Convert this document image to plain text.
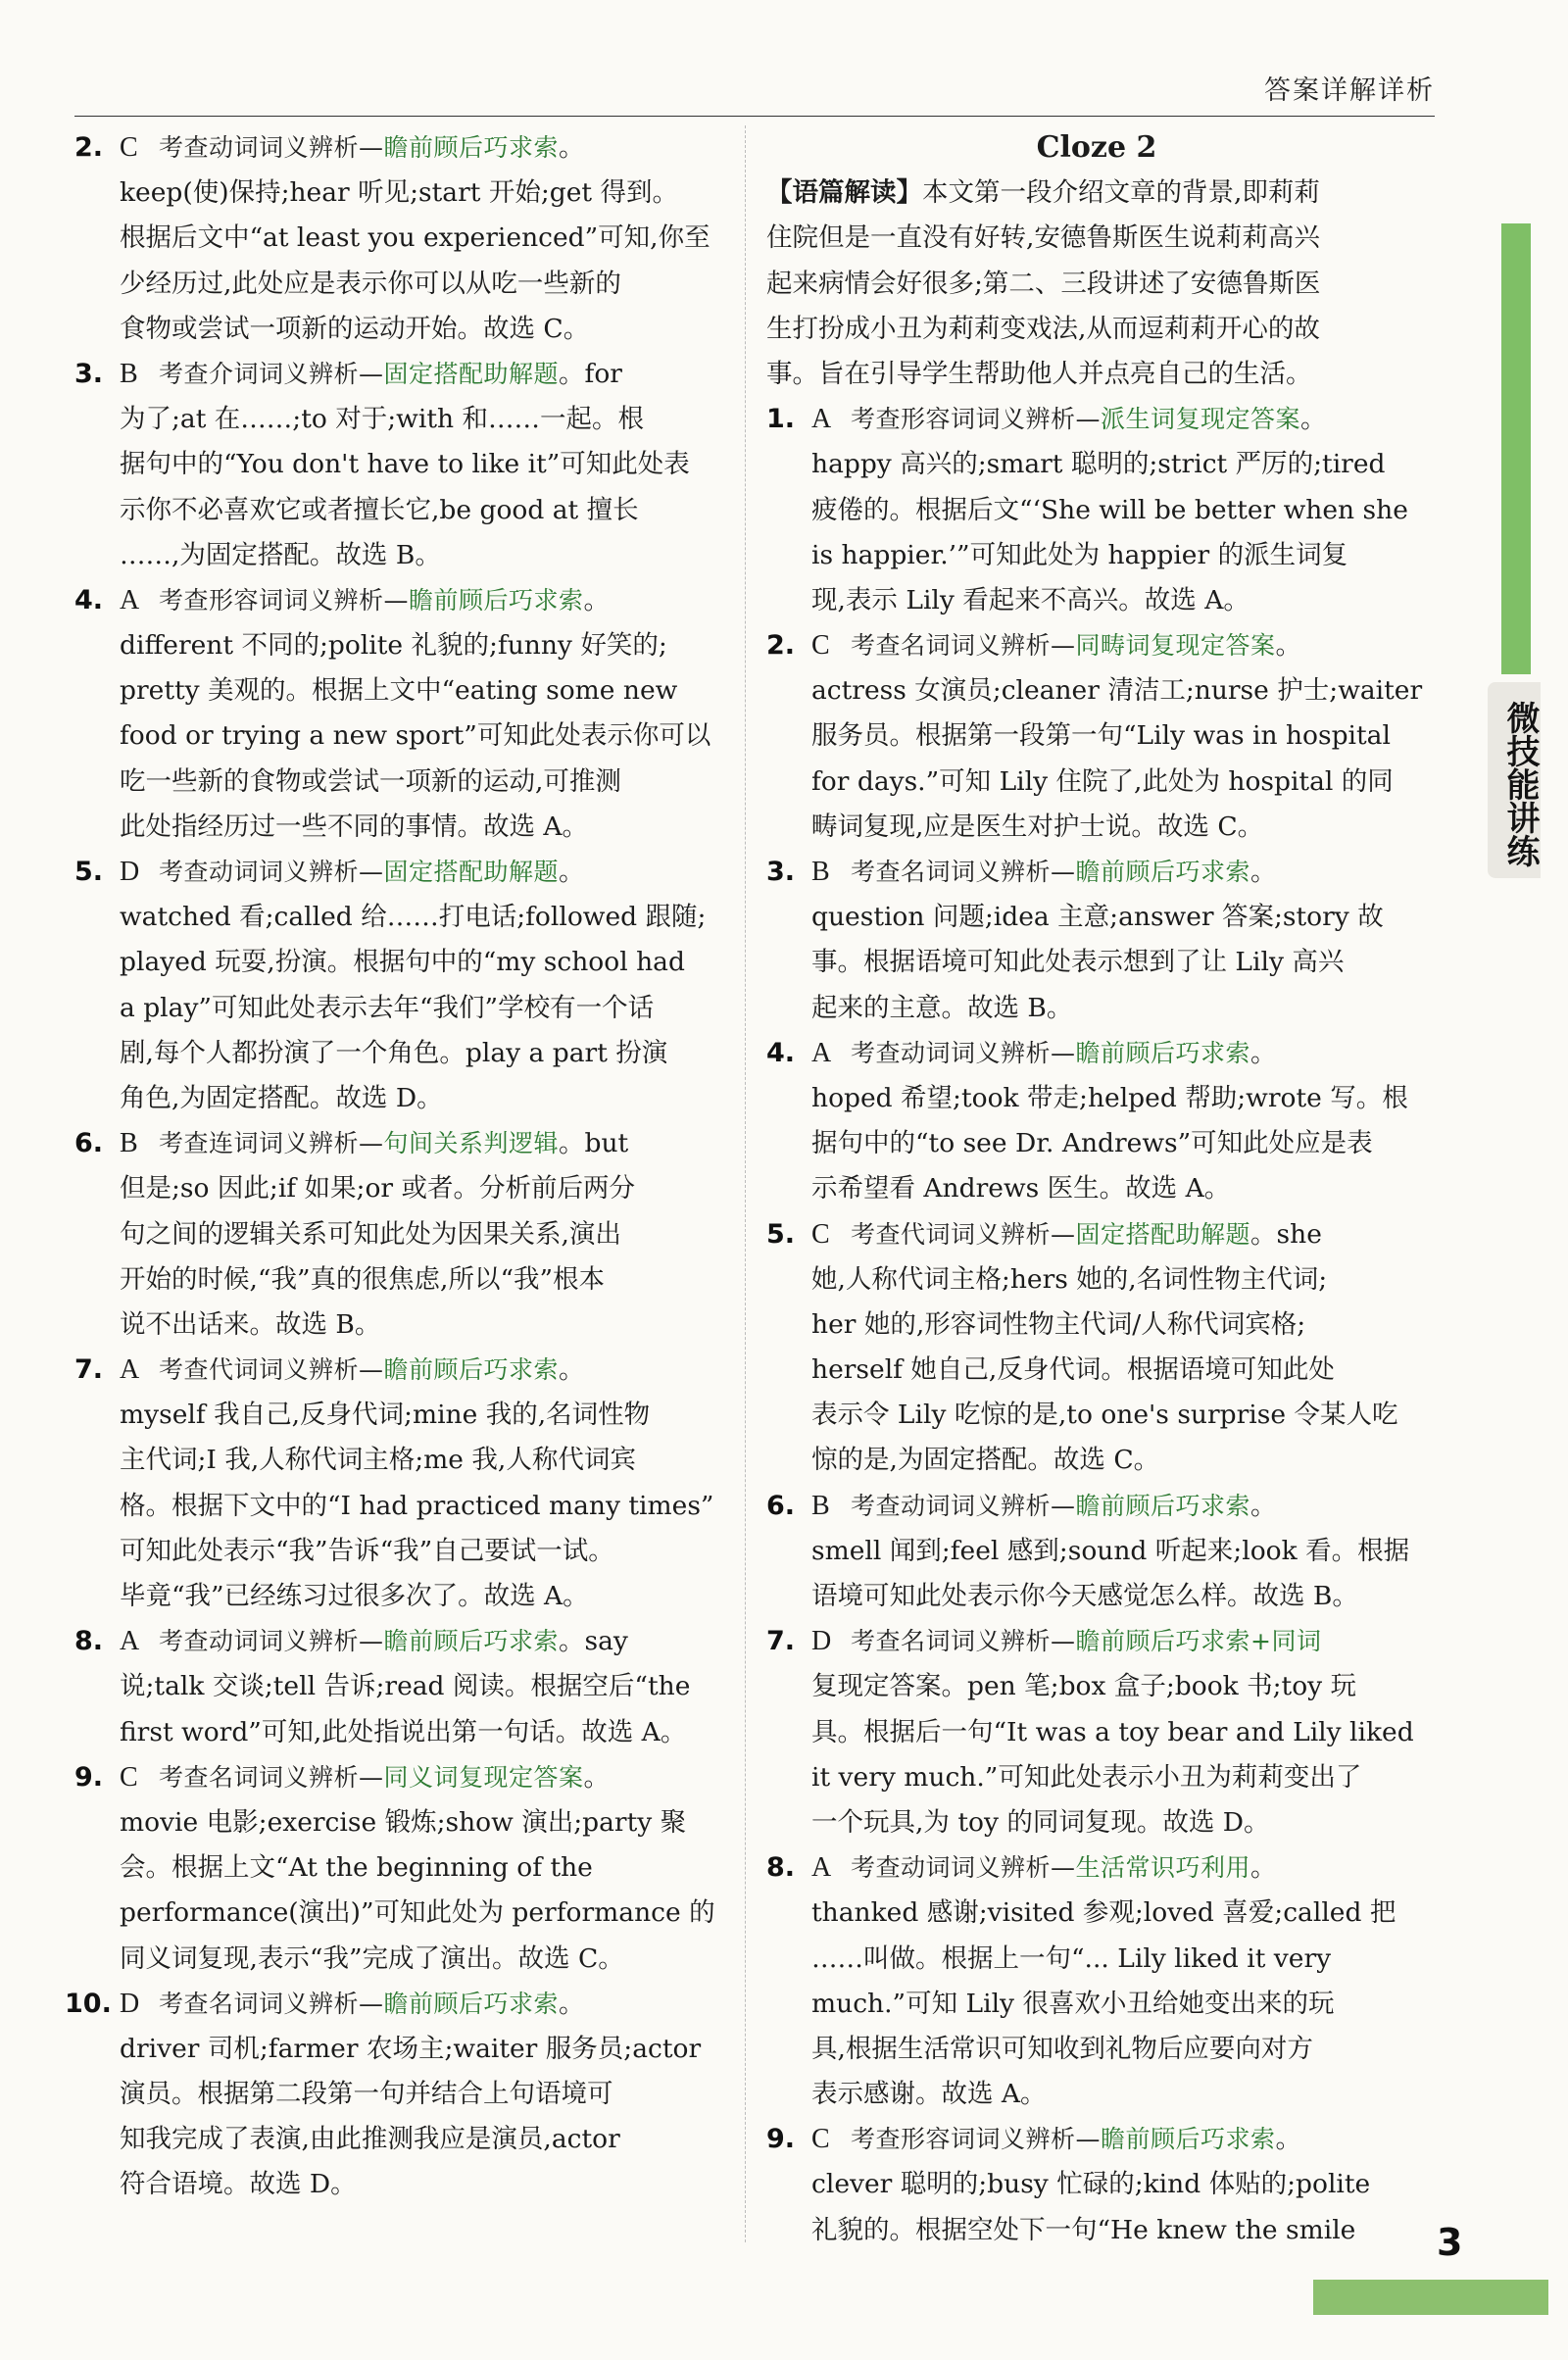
答案详解详析
2. C 考查动词词义辨析—瞻前顾后巧求索。
keep(使)保持;hear 听见;start 开始;get 得到。
根据后文中“at least you experienced”可知,你至
少经历过,此处应是表示你可以从吃一些新的
食物或尝试一项新的运动开始。故选 C。
3. B 考查介词词义辨析—固定搭配助解题。for
为了;at 在……;to 对于;with 和……一起。根
据句中的“You don't have to like it”可知此处表
示你不必喜欢它或者擅长它,be good at 擅长
……,为固定搭配。故选 B。
4. A 考查形容词词义辨析—瞻前顾后巧求索。
different 不同的;polite 礼貌的;funny 好笑的;
pretty 美观的。根据上文中“eating some new
food or trying a new sport”可知此处表示你可以
吃一些新的食物或尝试一项新的运动,可推测
此处指经历过一些不同的事情。故选 A。
5. D 考查动词词义辨析—固定搭配助解题。
watched 看;called 给……打电话;followed 跟随;
played 玩耍,扮演。根据句中的“my school had
a play”可知此处表示去年“我们”学校有一个话
剧,每个人都扮演了一个角色。play a part 扮演
角色,为固定搭配。故选 D。
6. B 考查连词词义辨析—句间关系判逻辑。but
但是;so 因此;if 如果;or 或者。分析前后两分
句之间的逻辑关系可知此处为因果关系,演出
开始的时候,“我”真的很焦虑,所以“我”根本
说不出话来。故选 B。
7. A 考查代词词义辨析—瞻前顾后巧求索。
myself 我自己,反身代词;mine 我的,名词性物
主代词;I 我,人称代词主格;me 我,人称代词宾
格。根据下文中的“I had practiced many times”
可知此处表示“我”告诉“我”自己要试一试。
毕竟“我”已经练习过很多次了。故选 A。
8. A 考查动词词义辨析—瞻前顾后巧求索。say
说;talk 交谈;tell 告诉;read 阅读。根据空后“the
first word”可知,此处指说出第一句话。故选 A。
9. C 考查名词词义辨析—同义词复现定答案。
movie 电影;exercise 锻炼;show 演出;party 聚
会。根据上文“At the beginning of the
performance(演出)”可知此处为 performance 的
同义词复现,表示“我”完成了演出。故选 C。
10. D 考查名词词义辨析—瞻前顾后巧求索。
driver 司机;farmer 农场主;waiter 服务员;actor
演员。根据第二段第一句并结合上句语境可
知我完成了表演,由此推测我应是演员,actor
符合语境。故选 D。
Cloze 2
【语篇解读】本文第一段介绍文章的背景,即莉莉
住院但是一直没有好转,安德鲁斯医生说莉莉高兴
起来病情会好很多;第二、三段讲述了安德鲁斯医
生打扮成小丑为莉莉变戏法,从而逗莉莉开心的故
事。旨在引导学生帮助他人并点亮自己的生活。
1. A 考查形容词词义辨析—派生词复现定答案。
happy 高兴的;smart 聪明的;strict 严厉的;tired
疲倦的。根据后文“‘She will be better when she
is happier.’”可知此处为 happier 的派生词复
现,表示 Lily 看起来不高兴。故选 A。
2. C 考查名词词义辨析—同畴词复现定答案。
actress 女演员;cleaner 清洁工;nurse 护士;waiter
服务员。根据第一段第一句“Lily was in hospital
for days.”可知 Lily 住院了,此处为 hospital 的同
畴词复现,应是医生对护士说。故选 C。
3. B 考查名词词义辨析—瞻前顾后巧求索。
question 问题;idea 主意;answer 答案;story 故
事。根据语境可知此处表示想到了让 Lily 高兴
起来的主意。故选 B。
4. A 考查动词词义辨析—瞻前顾后巧求索。
hoped 希望;took 带走;helped 帮助;wrote 写。根
据句中的“to see Dr. Andrews”可知此处应是表
示希望看 Andrews 医生。故选 A。
5. C 考查代词词义辨析—固定搭配助解题。she
她,人称代词主格;hers 她的,名词性物主代词;
her 她的,形容词性物主代词/人称代词宾格;
herself 她自己,反身代词。根据语境可知此处
表示令 Lily 吃惊的是,to one's surprise 令某人吃
惊的是,为固定搭配。故选 C。
6. B 考查动词词义辨析—瞻前顾后巧求索。
smell 闻到;feel 感到;sound 听起来;look 看。根据
语境可知此处表示你今天感觉怎么样。故选 B。
7. D 考查名词词义辨析—瞻前顾后巧求索+同词
复现定答案。pen 笔;box 盒子;book 书;toy 玩
具。根据后一句“It was a toy bear and Lily liked
it very much.”可知此处表示小丑为莉莉变出了
一个玩具,为 toy 的同词复现。故选 D。
8. A 考查动词词义辨析—生活常识巧利用。
thanked 感谢;visited 参观;loved 喜爱;called 把
……叫做。根据上一句“... Lily liked it very
much.”可知 Lily 很喜欢小丑给她变出来的玩
具,根据生活常识可知收到礼物后应要向对方
表示感谢。故选 A。
9. C 考查形容词词义辨析—瞻前顾后巧求索。
clever 聪明的;busy 忙碌的;kind 体贴的;polite
礼貌的。根据空处下一句“He knew the smile
微技能讲练
3
